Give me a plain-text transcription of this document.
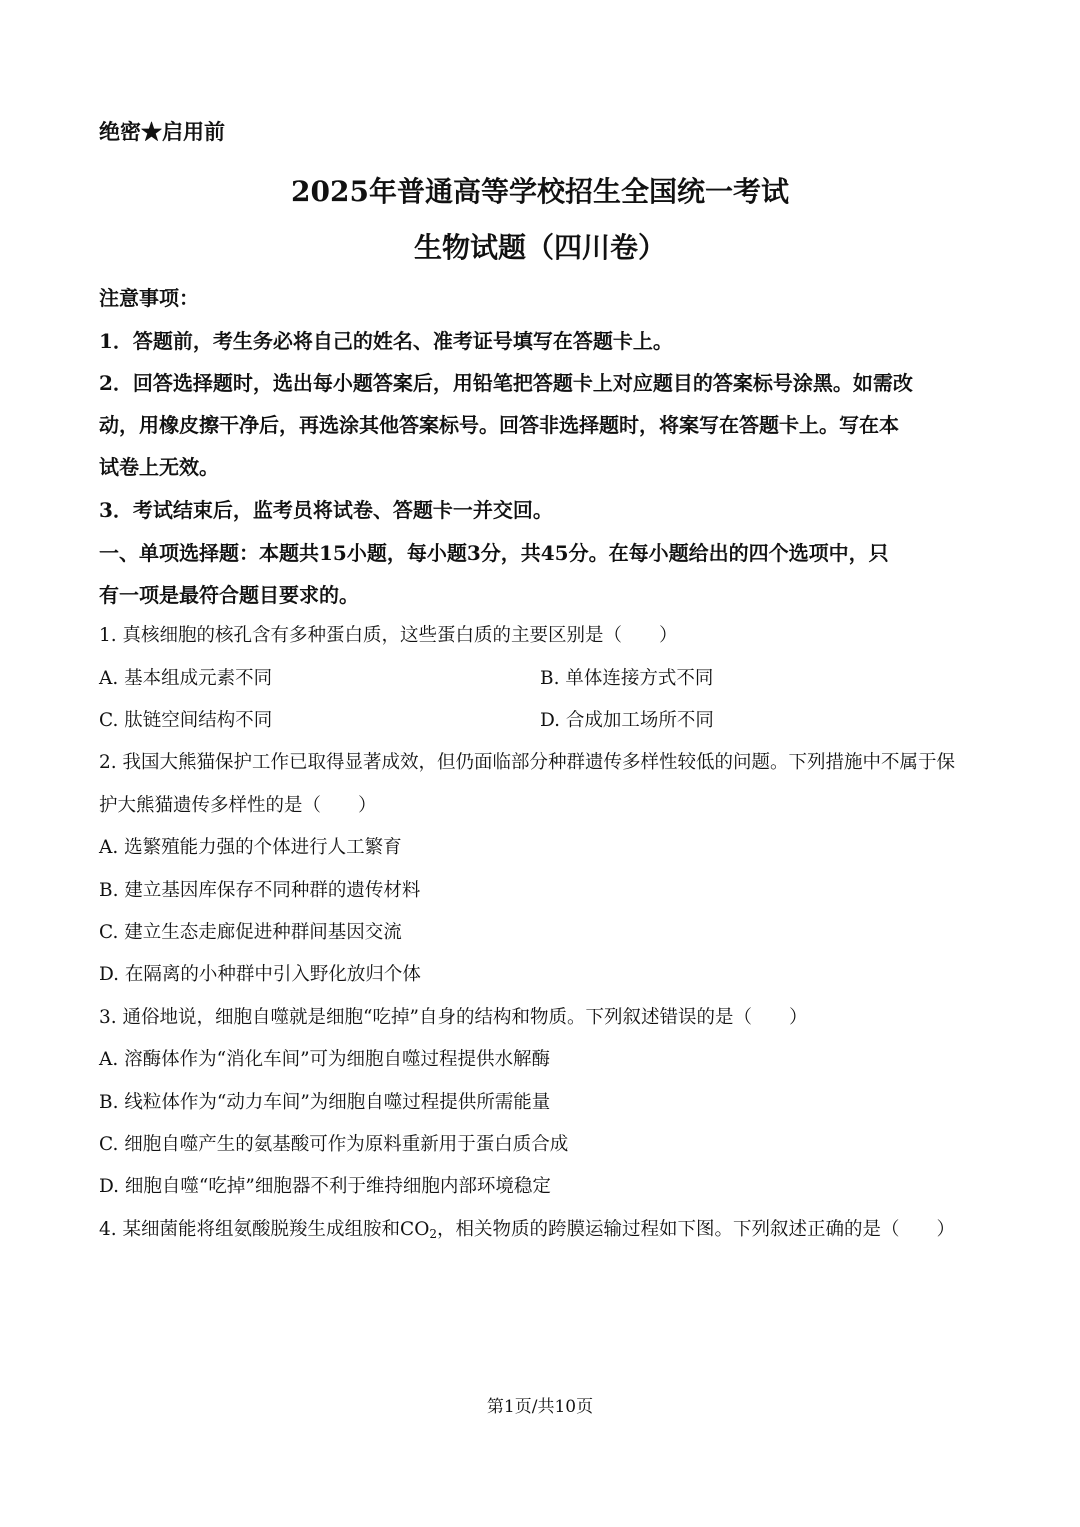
绝密★启用前
2025年普通高等学校招生全国统一考试
生物试题（四川卷）
注意事项：
1．答题前，考生务必将自己的姓名、准考证号填写在答题卡上。
2．回答选择题时，选出每小题答案后，用铅笔把答题卡上对应题目的答案标号涂黑。如需改
动，用橡皮擦干净后，再选涂其他答案标号。回答非选择题时，将案写在答题卡上。写在本
试卷上无效。
3．考试结束后，监考员将试卷、答题卡一并交回。
一、单项选择题：本题共15小题，每小题3分，共45分。在每小题给出的四个选项中，只
有一项是最符合题目要求的。
1. 真核细胞的核孔含有多种蛋白质，这些蛋白质的主要区别是（　　）
A. 基本组成元素不同	B. 单体连接方式不同
C. 肽链空间结构不同	D. 合成加工场所不同
2. 我国大熊猫保护工作已取得显著成效，但仍面临部分种群遗传多样性较低的问题。下列措施中不属于保
护大熊猫遗传多样性的是（　　）
A. 选繁殖能力强的个体进行人工繁育
B. 建立基因库保存不同种群的遗传材料
C. 建立生态走廊促进种群间基因交流
D. 在隔离的小种群中引入野化放归个体
3. 通俗地说，细胞自噬就是细胞“吃掉”自身的结构和物质。下列叙述错误的是（　　）
A. 溶酶体作为“消化车间”可为细胞自噬过程提供水解酶
B. 线粒体作为“动力车间”为细胞自噬过程提供所需能量
C. 细胞自噬产生的氨基酸可作为原料重新用于蛋白质合成
D. 细胞自噬“吃掉”细胞器不利于维持细胞内部环境稳定
4. 某细菌能将组氨酸脱羧生成组胺和$CO_2$，相关物质的跨膜运输过程如下图。下列叙述正确的是（　　）
第1页/共10页
